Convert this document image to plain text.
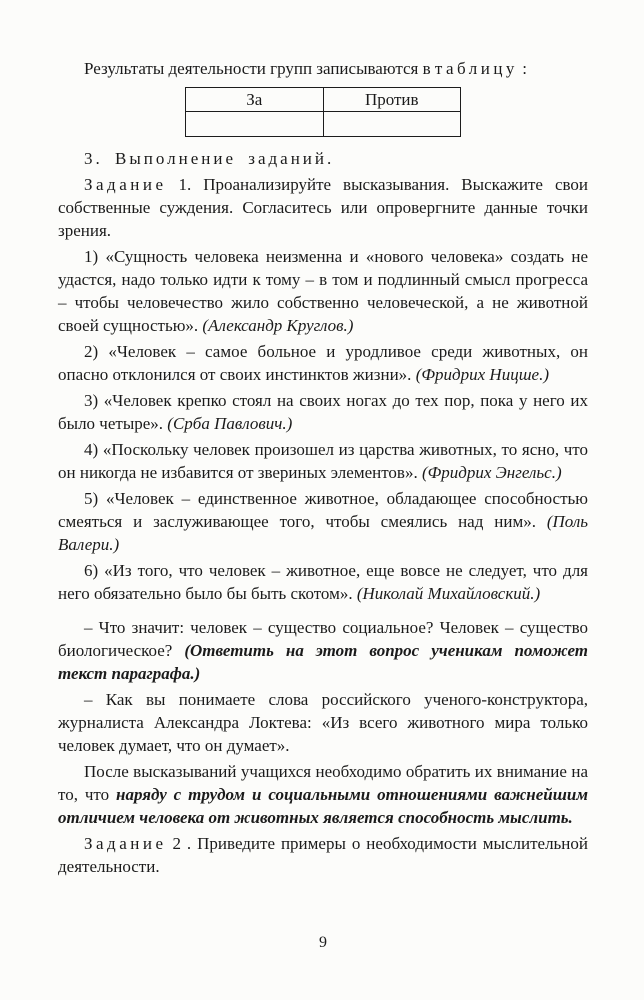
Результаты деятельности групп записываются в таблицу :

За	Против

3. Выполнение заданий.

Задание 1. Проанализируйте высказывания. Выскажите свои собственные суждения. Согласитесь или опровергните данные точки зрения.

1) «Сущность человека неизменна и «нового человека» создать не удастся, надо только идти к тому – в том и подлинный смысл прогресса – чтобы человечество жило собственно человеческой, а не животной своей сущностью». (Александр Круглов.)

2) «Человек – самое больное и уродливое среди животных, он опасно отклонился от своих инстинктов жизни». (Фридрих Ницше.)

3) «Человек крепко стоял на своих ногах до тех пор, пока у него их было четыре». (Срба Павлович.)

4) «Поскольку человек произошел из царства животных, то ясно, что он никогда не избавится от звериных элементов». (Фридрих Энгельс.)

5) «Человек – единственное животное, обладающее способностью смеяться и заслуживающее того, чтобы смеялись над ним». (Поль Валери.)

6) «Из того, что человек – животное, еще вовсе не следует, что для него обязательно было бы быть скотом». (Николай Михайловский.)

– Что значит: человек – существо социальное? Человек – существо биологическое? (Ответить на этот вопрос ученикам поможет текст параграфа.)

– Как вы понимаете слова российского ученого-конструктора, журналиста Александра Локтева: «Из всего животного мира только человек думает, что он думает».

После высказываний учащихся необходимо обратить их внимание на то, что наряду с трудом и социальными отношениями важнейшим отличием человека от животных является способность мыслить.

Задание 2 . Приведите примеры о необходимости мыслительной деятельности.

9
